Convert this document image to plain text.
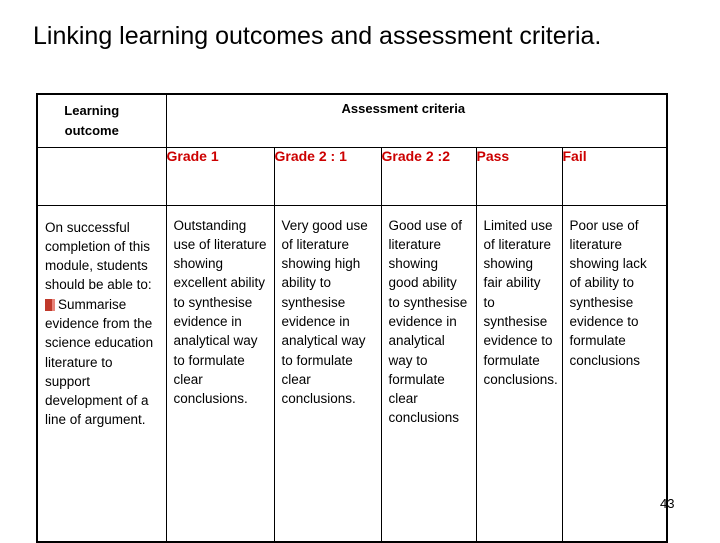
Linking learning outcomes and assessment criteria.
Learning outcome	Assessment criteria				

	Grade 1	Grade 2 : 1	Grade 2 :2	Pass	Fail

On successful completion of this module, students should be able to:
Summarise evidence from the science education literature to support development of a line of argument.	Outstanding use of literature showing excellent ability to synthesise evidence in analytical way to formulate clear conclusions.	Very good use of literature showing high ability to synthesise evidence in analytical way to formulate clear conclusions.	Good use of literature showing good ability to synthesise evidence in analytical way to formulate clear conclusions	Limited use of literature showing fair ability to synthesise evidence to formulate conclusions.	Poor use of literature showing lack of ability to synthesise evidence to formulate conclusions
43
